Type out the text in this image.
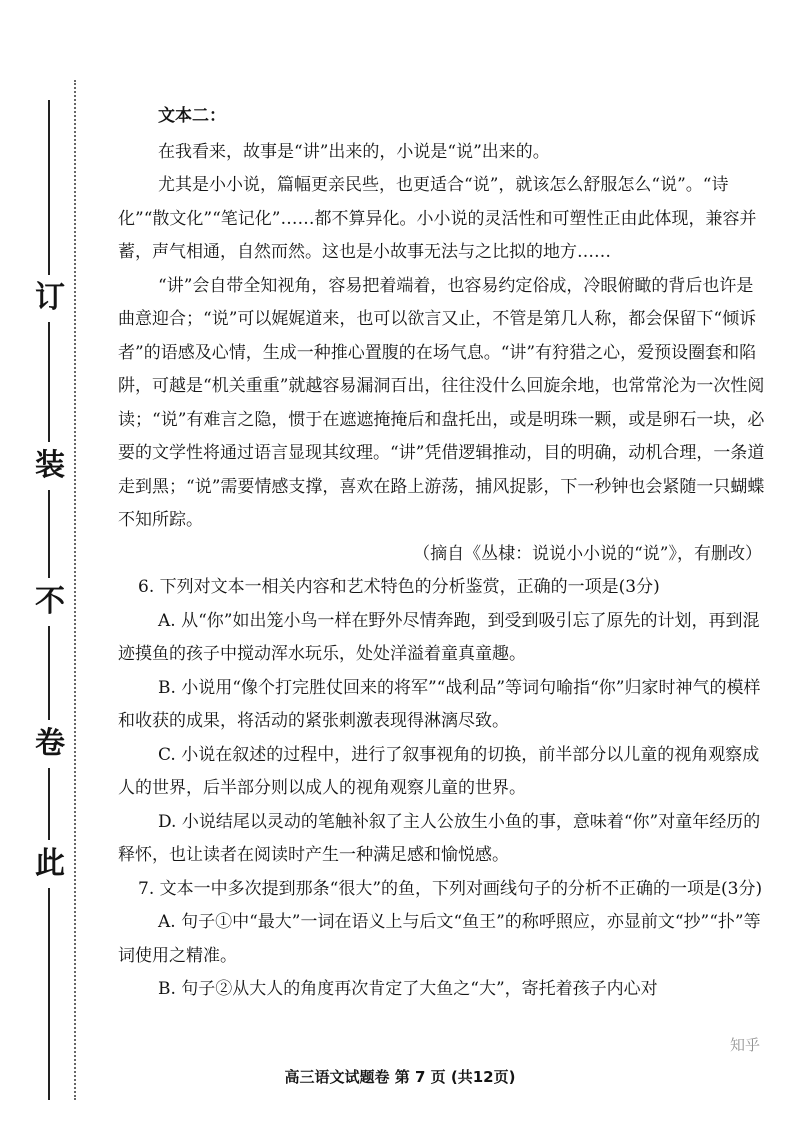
订
装
不
卷
此

文本二：

在我看来，故事是“讲”出来的，小说是“说”出来的。

尤其是小小说，篇幅更亲民些，也更适合“说”，就该怎么舒服怎么“说”。“诗化”“散文化”“笔记化”……都不算异化。小小说的灵活性和可塑性正由此体现，兼容并蓄，声气相通，自然而然。这也是小故事无法与之比拟的地方……

“讲”会自带全知视角，容易把着端着，也容易约定俗成，冷眼俯瞰的背后也许是曲意迎合；“说”可以娓娓道来，也可以欲言又止，不管是第几人称，都会保留下“倾诉者”的语感及心情，生成一种推心置腹的在场气息。“讲”有狩猎之心，爱预设圈套和陷阱，可越是“机关重重”就越容易漏洞百出，往往没什么回旋余地，也常常沦为一次性阅读；“说”有难言之隐，惯于在遮遮掩掩后和盘托出，或是明珠一颗，或是卵石一块，必要的文学性将通过语言显现其纹理。“讲”凭借逻辑推动，目的明确，动机合理，一条道走到黑；“说”需要情感支撑，喜欢在路上游荡，捕风捉影，下一秒钟也会紧随一只蝴蝶不知所踪。

（摘自《丛棣：说说小小说的“说”》，有删改）

6. 下列对文本一相关内容和艺术特色的分析鉴赏，正确的一项是(3分)

A. 从“你”如出笼小鸟一样在野外尽情奔跑，到受到吸引忘了原先的计划，再到混迹摸鱼的孩子中搅动浑水玩乐，处处洋溢着童真童趣。

B. 小说用“像个打完胜仗回来的将军”“战利品”等词句喻指“你”归家时神气的模样和收获的成果，将活动的紧张刺激表现得淋漓尽致。

C. 小说在叙述的过程中，进行了叙事视角的切换，前半部分以儿童的视角观察成人的世界，后半部分则以成人的视角观察儿童的世界。

D. 小说结尾以灵动的笔触补叙了主人公放生小鱼的事，意味着“你”对童年经历的释怀，也让读者在阅读时产生一种满足感和愉悦感。

7. 文本一中多次提到那条“很大”的鱼，下列对画线句子的分析不正确的一项是(3分)

A. 句子①中“最大”一词在语义上与后文“鱼王”的称呼照应，亦显前文“抄”“扑”等词使用之精准。

B. 句子②从大人的角度再次肯定了大鱼之“大”，寄托着孩子内心对

知乎
高三语文试题卷 第 7 页 (共12页)
